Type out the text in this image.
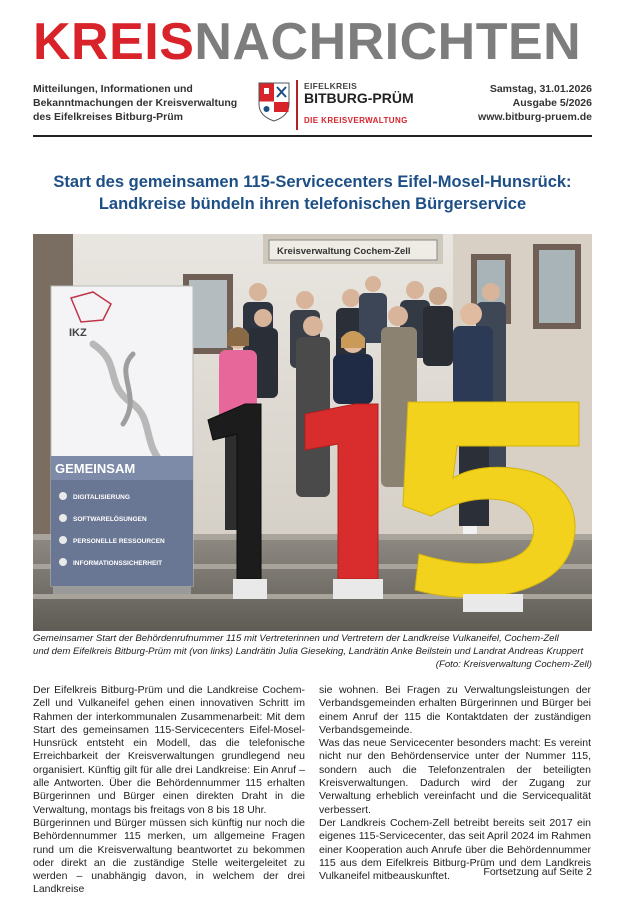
KREISNACHRICHTEN
Mitteilungen, Informationen und
Bekanntmachungen der Kreisverwaltung
des Eifelkreises Bitburg-Prüm
EIFELKREIS
BITBURG-PRÜM
DIE KREISVERWALTUNG
Samstag, 31.01.2026
Ausgabe 5/2026
www.bitburg-pruem.de
Start des gemeinsamen 115-Servicecenters Eifel-Mosel-Hunsrück:
Landkreise bündeln ihren telefonischen Bürgerservice
Kreisverwaltung Cochem-Zell
IKZ
GEMEINSAM
DIGITALISIERUNG
SOFTWARELÖSUNGEN
PERSONELLE RESSOURCEN
INFORMATIONSSICHERHEIT
Gemeinsamer Start der Behördenrufnummer 115 mit Vertreterinnen und Vertretern der Landkreise Vulkaneifel, Cochem-Zell
und dem Eifelkreis Bitburg-Prüm mit (von links) Landrätin Julia Gieseking, Landrätin Anke Beilstein und Landrat Andreas Kruppert
(Foto: Kreisverwaltung Cochem-Zell)

Der Eifelkreis Bitburg-Prüm und die Landkreise Cochem-Zell und Vulkaneifel gehen einen innovativen Schritt im Rahmen der interkommunalen Zusammenarbeit: Mit dem Start des gemeinsamen 115-Servicecenters Eifel-Mosel-Hunsrück entsteht ein Modell, das die telefonische Erreichbarkeit der Kreisverwaltungen grundlegend neu organisiert. Künftig gilt für alle drei Landkreise: Ein Anruf – alle Antworten. Über die Behördennummer 115 erhalten Bürgerinnen und Bürger einen direkten Draht in die Verwaltung, montags bis freitags von 8 bis 18 Uhr.

Bürgerinnen und Bürger müssen sich künftig nur noch die Behördennummer 115 merken, um allgemeine Fragen rund um die Kreisverwaltung beantwortet zu bekommen oder direkt an die zuständige Stelle weitergeleitet zu werden – unabhängig davon, in welchem der drei Landkreise

sie wohnen. Bei Fragen zu Verwaltungsleistungen der Verbandsgemeinden erhalten Bürgerinnen und Bürger bei einem Anruf der 115 die Kontaktdaten der zuständigen Verbandsgemeinde.

Was das neue Servicecenter besonders macht: Es vereint nicht nur den Behördenservice unter der Nummer 115, sondern auch die Telefonzentralen der beteiligten Kreisverwaltungen. Dadurch wird der Zugang zur Verwaltung erheblich vereinfacht und die Servicequalität verbessert.

Der Landkreis Cochem-Zell betreibt bereits seit 2017 ein eigenes 115-Servicecenter, das seit April 2024 im Rahmen einer Kooperation auch Anrufe über die Behördennummer 115 aus dem Eifelkreis Bitburg-Prüm und dem Landkreis Vulkaneifel mitbeauskunftet.	Fortsetzung auf Seite 2
